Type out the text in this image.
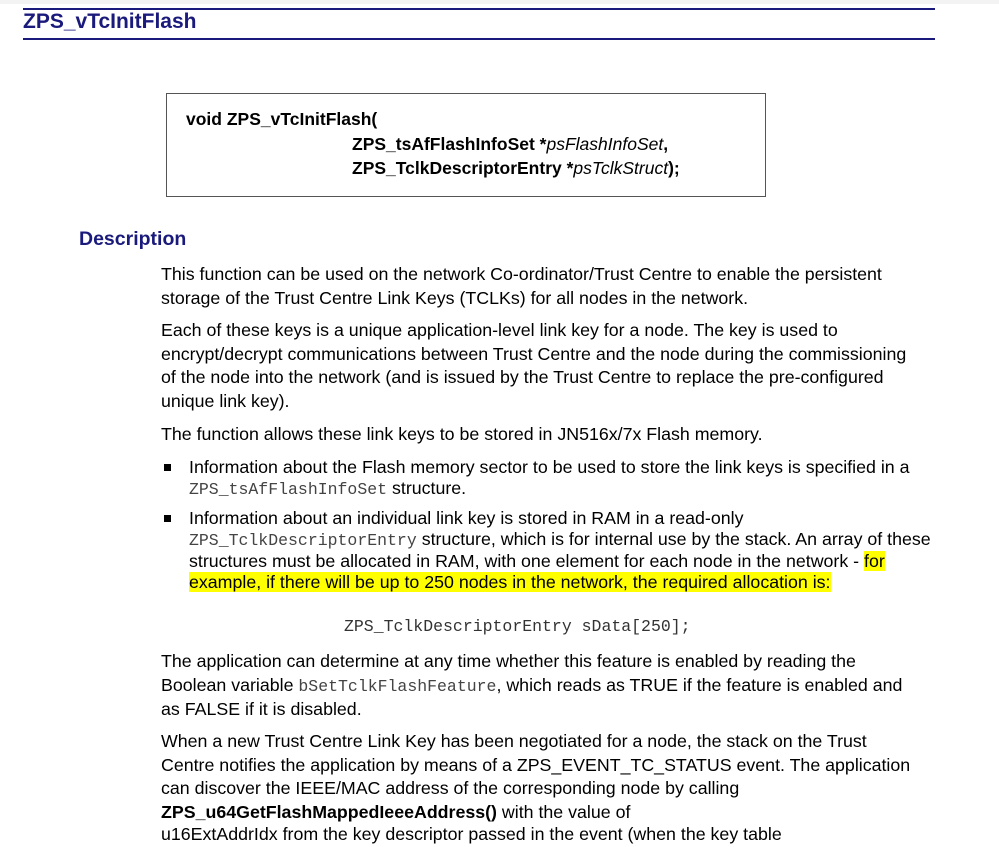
ZPS_vTcInitFlash
void ZPS_vTcInitFlash(
ZPS_tsAfFlashInfoSet *psFlashInfoSet,
ZPS_TclkDescriptorEntry *psTclkStruct);
Description

This function can be used on the network Co-ordinator/Trust Centre to enable the persistent storage of the Trust Centre Link Keys (TCLKs) for all nodes in the network.

Each of these keys is a unique application-level link key for a node. The key is used to encrypt/decrypt communications between Trust Centre and the node during the commissioning of the node into the network (and is issued by the Trust Centre to replace the pre-configured unique link key).

The function allows these link keys to be stored in JN516x/7x Flash memory.

Information about the Flash memory sector to be used to store the link keys is specified in a ZPS_tsAfFlashInfoSet structure.

Information about an individual link key is stored in RAM in a read-only ZPS_TclkDescriptorEntry structure, which is for internal use by the stack. An array of these structures must be allocated in RAM, with one element for each node in the network - for example, if there will be up to 250 nodes in the network, the required allocation is:

ZPS_TclkDescriptorEntry sData[250];

The application can determine at any time whether this feature is enabled by reading the Boolean variable bSetTclkFlashFeature, which reads as TRUE if the feature is enabled and as FALSE if it is disabled.

When a new Trust Centre Link Key has been negotiated for a node, the stack on the Trust Centre notifies the application by means of a ZPS_EVENT_TC_STATUS event. The application can discover the IEEE/MAC address of the corresponding node by calling ZPS_u64GetFlashMappedIeeeAddress() with the value of

u16ExtAddrIdx from the key descriptor passed in the event (when the key table
